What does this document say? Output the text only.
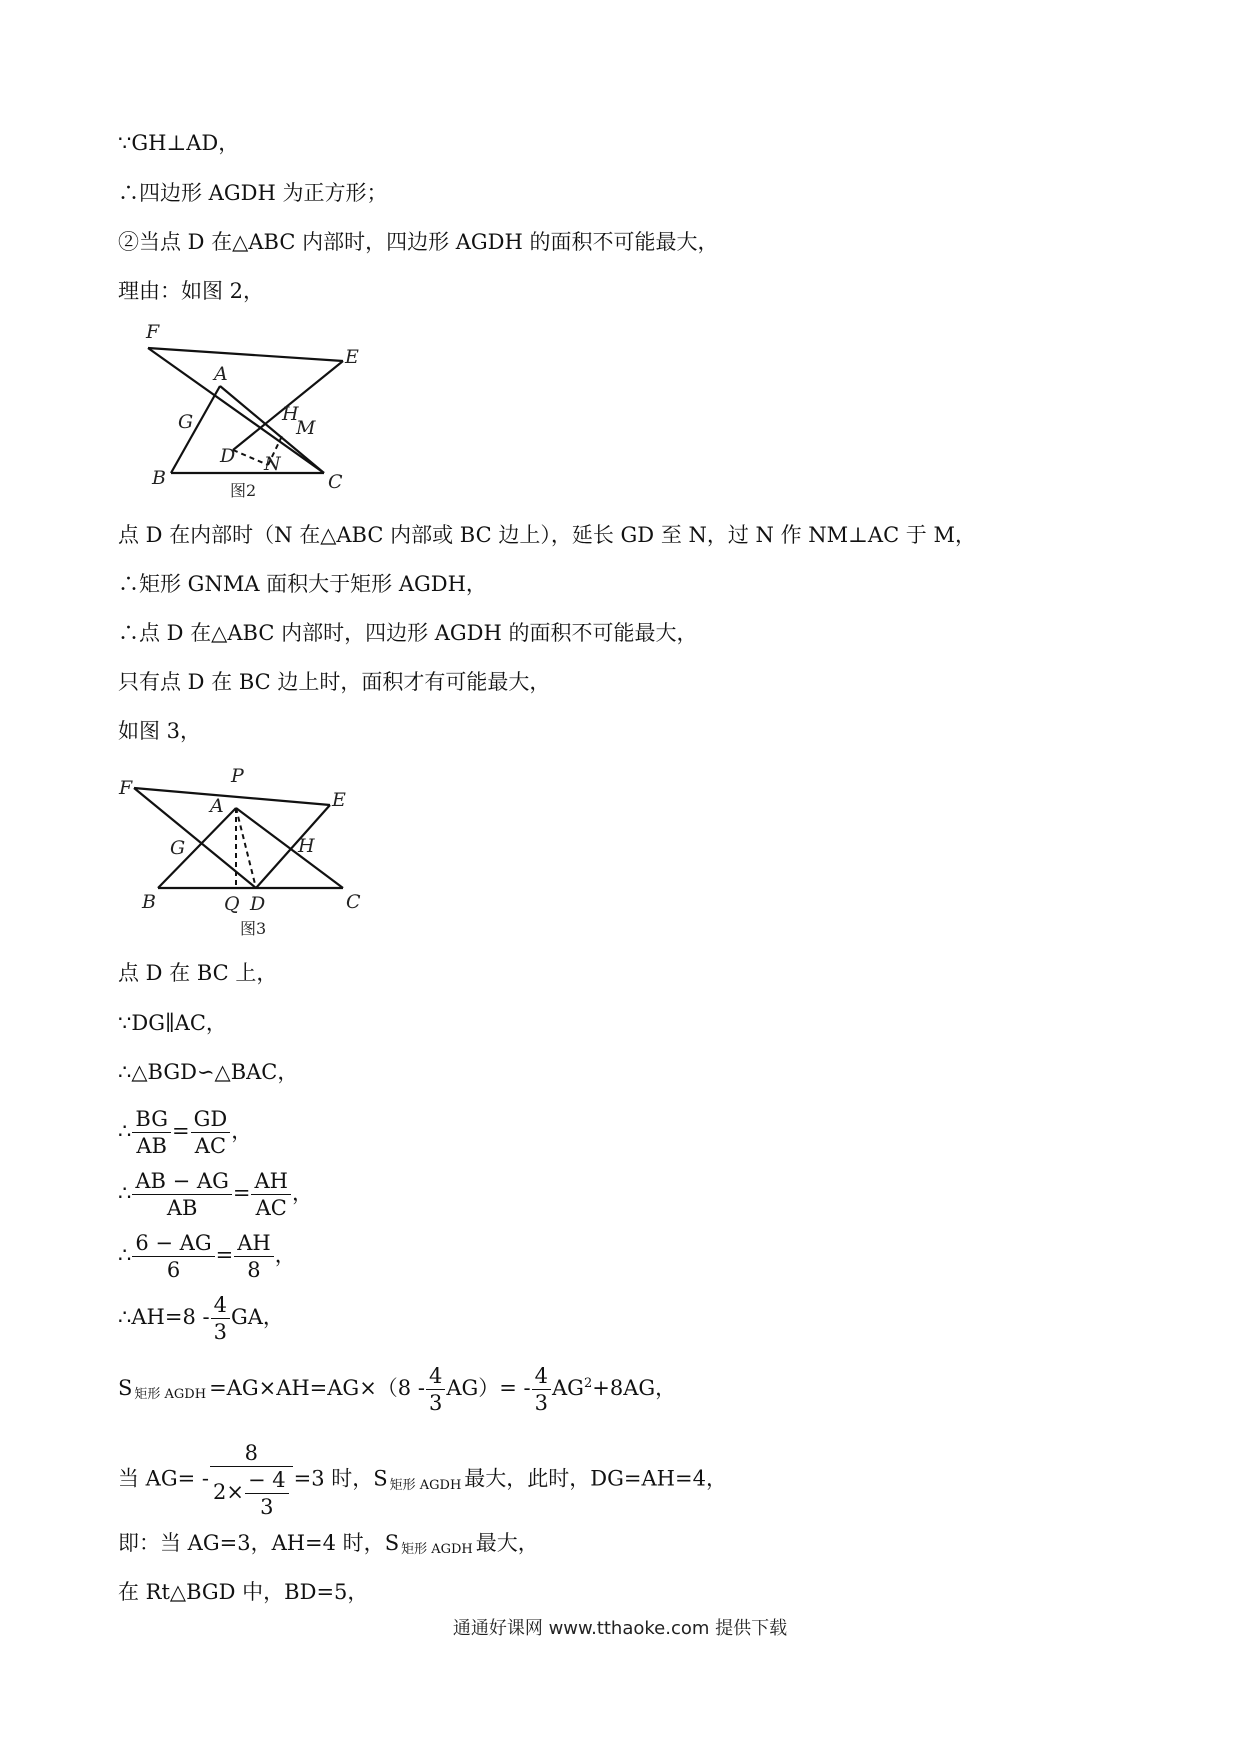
∵GH⊥AD，
∴四边形 AGDH 为正方形；
②当点 D 在△ABC 内部时，四边形 AGDH 的面积不可能最大，
理由：如图 2，
F
E
A
G	H
M
D N
B	C
图2
点 D 在内部时（N 在△ABC 内部或 BC 边上），延长 GD 至 N，过 N 作 NM⊥AC 于 M，
∴矩形 GNMA 面积大于矩形 AGDH，
∴点 D 在△ABC 内部时，四边形 AGDH 的面积不可能最大，
只有点 D 在 BC 边上时，面积才有可能最大，
如图 3，
P
F
E
A
G	H
B	Q D	C
图3
点 D 在 BC 上，
∵DG∥AC，
∴△BGD∽△BAC，
∴ $\frac{BG}{AB} = \frac{GD}{AC}$ ，
∴ $\frac{AB - AG}{AB} = \frac{AH}{AC}$ ，
∴ $\frac{6 - AG}{6} = \frac{AH}{8}$ ，
∴AH=8 - $\frac{4}{3}$ GA，
S $_{矩形 AGDH} =AG\times AH=AG\times(8 - \frac{4}{3} AG)= - \frac{4}{3} AG^2+8AG$，
当 $AG= - \frac{8}{2\times \frac{- 4}{3}} =3$ 时，S $_{矩形 AGDH}$ 最大，此时，DG=AH=4，
即：当 AG=3，AH=4 时，S $_{矩形 AGDH}$ 最大，
在 Rt△BGD 中，BD=5，
通通好课网 www.tthaoke.com 提供下载
